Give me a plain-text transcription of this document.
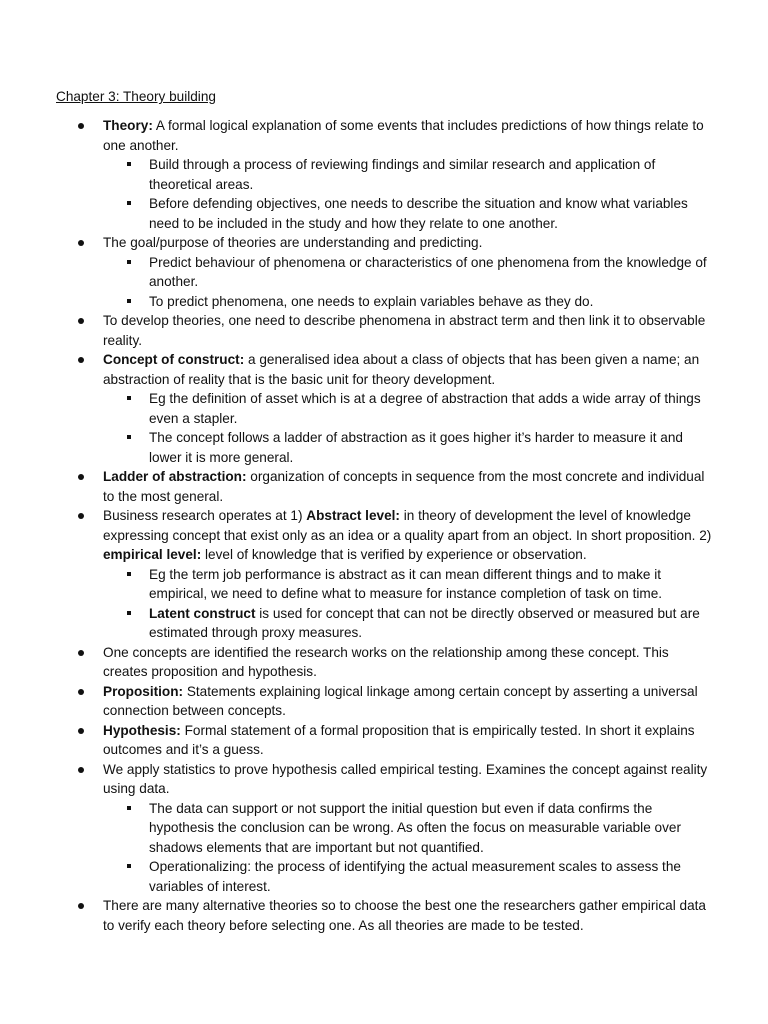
Chapter 3: Theory building
Theory: A formal logical explanation of some events that includes predictions of how things relate to one another.
Build through a process of reviewing findings and similar research and application of theoretical areas.
Before defending objectives, one needs to describe the situation and know what variables need to be included in the study and how they relate to one another.
The goal/purpose of theories are understanding and predicting.
Predict behaviour of phenomena or characteristics of one phenomena from the knowledge of another.
To predict phenomena, one needs to explain variables behave as they do.
To develop theories, one need to describe phenomena in abstract term and then link it to observable reality.
Concept of construct: a generalised idea about a class of objects that has been given a name; an abstraction of reality that is the basic unit for theory development.
Eg the definition of asset which is at a degree of abstraction that adds a wide array of things even a stapler.
The concept follows a ladder of abstraction as it goes higher it’s harder to measure it and lower it is more general.
Ladder of abstraction: organization of concepts in sequence from the most concrete and individual to the most general.
Business research operates at 1) Abstract level: in theory of development the level of knowledge expressing concept that exist only as an idea or a quality apart from an object. In short proposition. 2) empirical level: level of knowledge that is verified by experience or observation.
Eg the term job performance is abstract as it can mean different things and to make it empirical, we need to define what to measure for instance completion of task on time.
Latent construct is used for concept that can not be directly observed or measured but are estimated through proxy measures.
One concepts are identified the research works on the relationship among these concept. This creates proposition and hypothesis.
Proposition: Statements explaining logical linkage among certain concept by asserting a universal connection between concepts.
Hypothesis: Formal statement of a formal proposition that is empirically tested. In short it explains outcomes and it’s a guess.
We apply statistics to prove hypothesis called empirical testing. Examines the concept against reality using data.
The data can support or not support the initial question but even if data confirms the hypothesis the conclusion can be wrong. As often the focus on measurable variable over shadows elements that are important but not quantified.
Operationalizing: the process of identifying the actual measurement scales to assess the variables of interest.
There are many alternative theories so to choose the best one the researchers gather empirical data to verify each theory before selecting one. As all theories are made to be tested.
